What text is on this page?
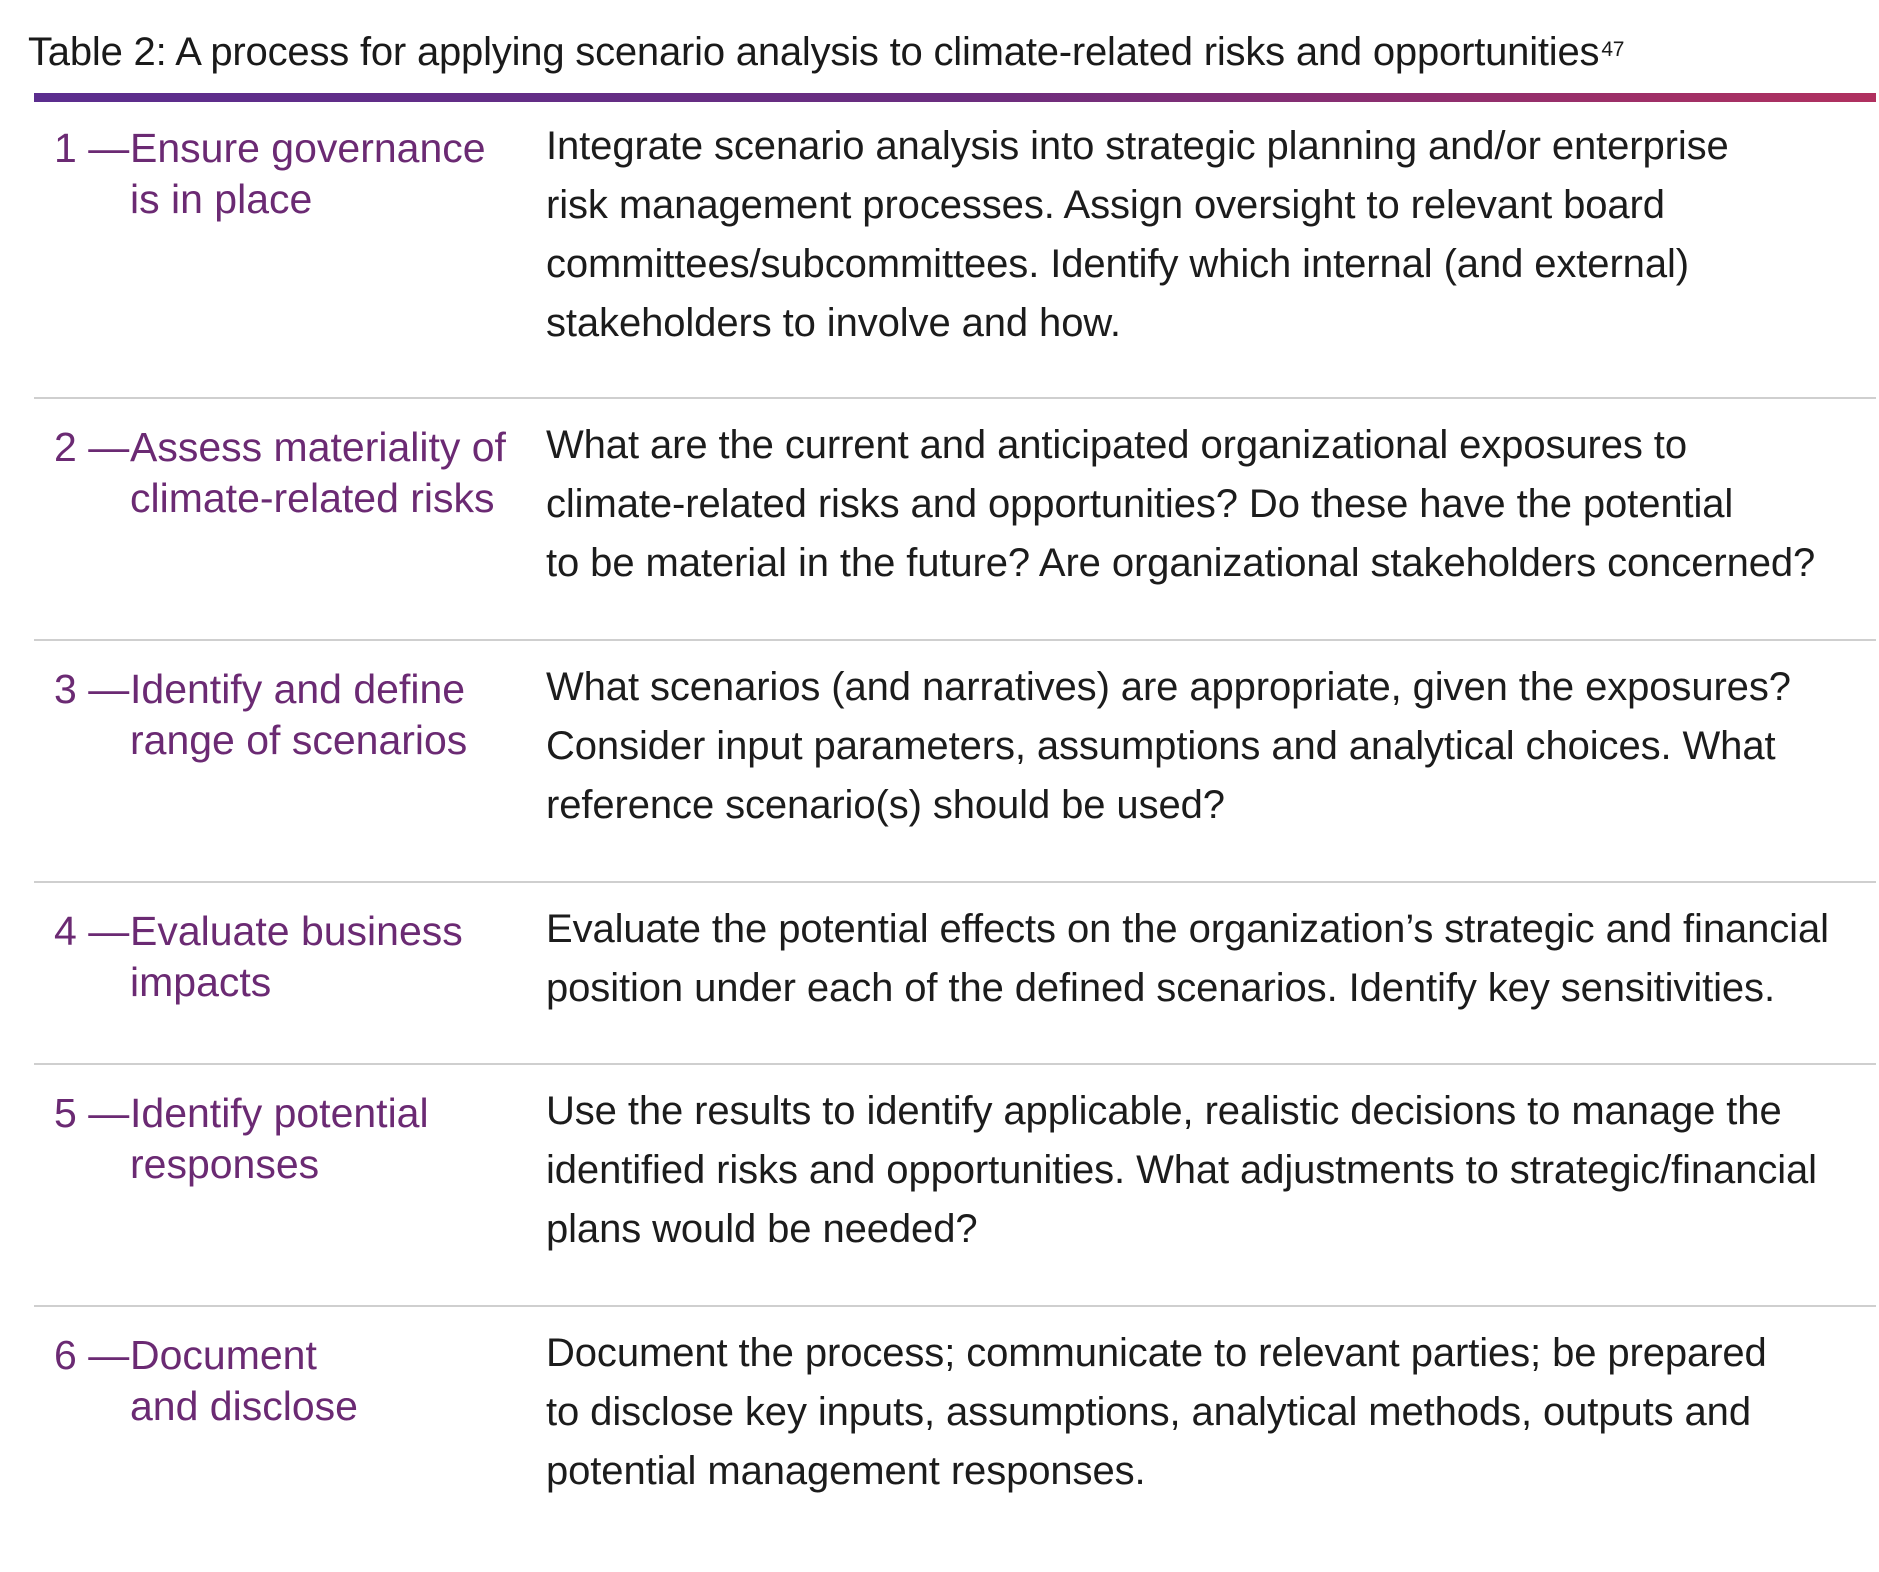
Table 2: A process for applying scenario analysis to climate-related risks and opportunities$^{47}$
1 — Ensure governance
is in place
Integrate scenario analysis into strategic planning and/or enterprise
risk management processes. Assign oversight to relevant board
committees/subcommittees. Identify which internal (and external)
stakeholders to involve and how.
2 — Assess materiality of
climate-related risks
What are the current and anticipated organizational exposures to
climate-related risks and opportunities? Do these have the potential
to be material in the future? Are organizational stakeholders concerned?
3 — Identify and define
range of scenarios
What scenarios (and narratives) are appropriate, given the exposures?
Consider input parameters, assumptions and analytical choices. What
reference scenario(s) should be used?
4 — Evaluate business
impacts
Evaluate the potential effects on the organization’s strategic and financial
position under each of the defined scenarios. Identify key sensitivities.
5 — Identify potential
responses
Use the results to identify applicable, realistic decisions to manage the
identified risks and opportunities. What adjustments to strategic/financial
plans would be needed?
6 — Document
and disclose
Document the process; communicate to relevant parties; be prepared
to disclose key inputs, assumptions, analytical methods, outputs and
potential management responses.
